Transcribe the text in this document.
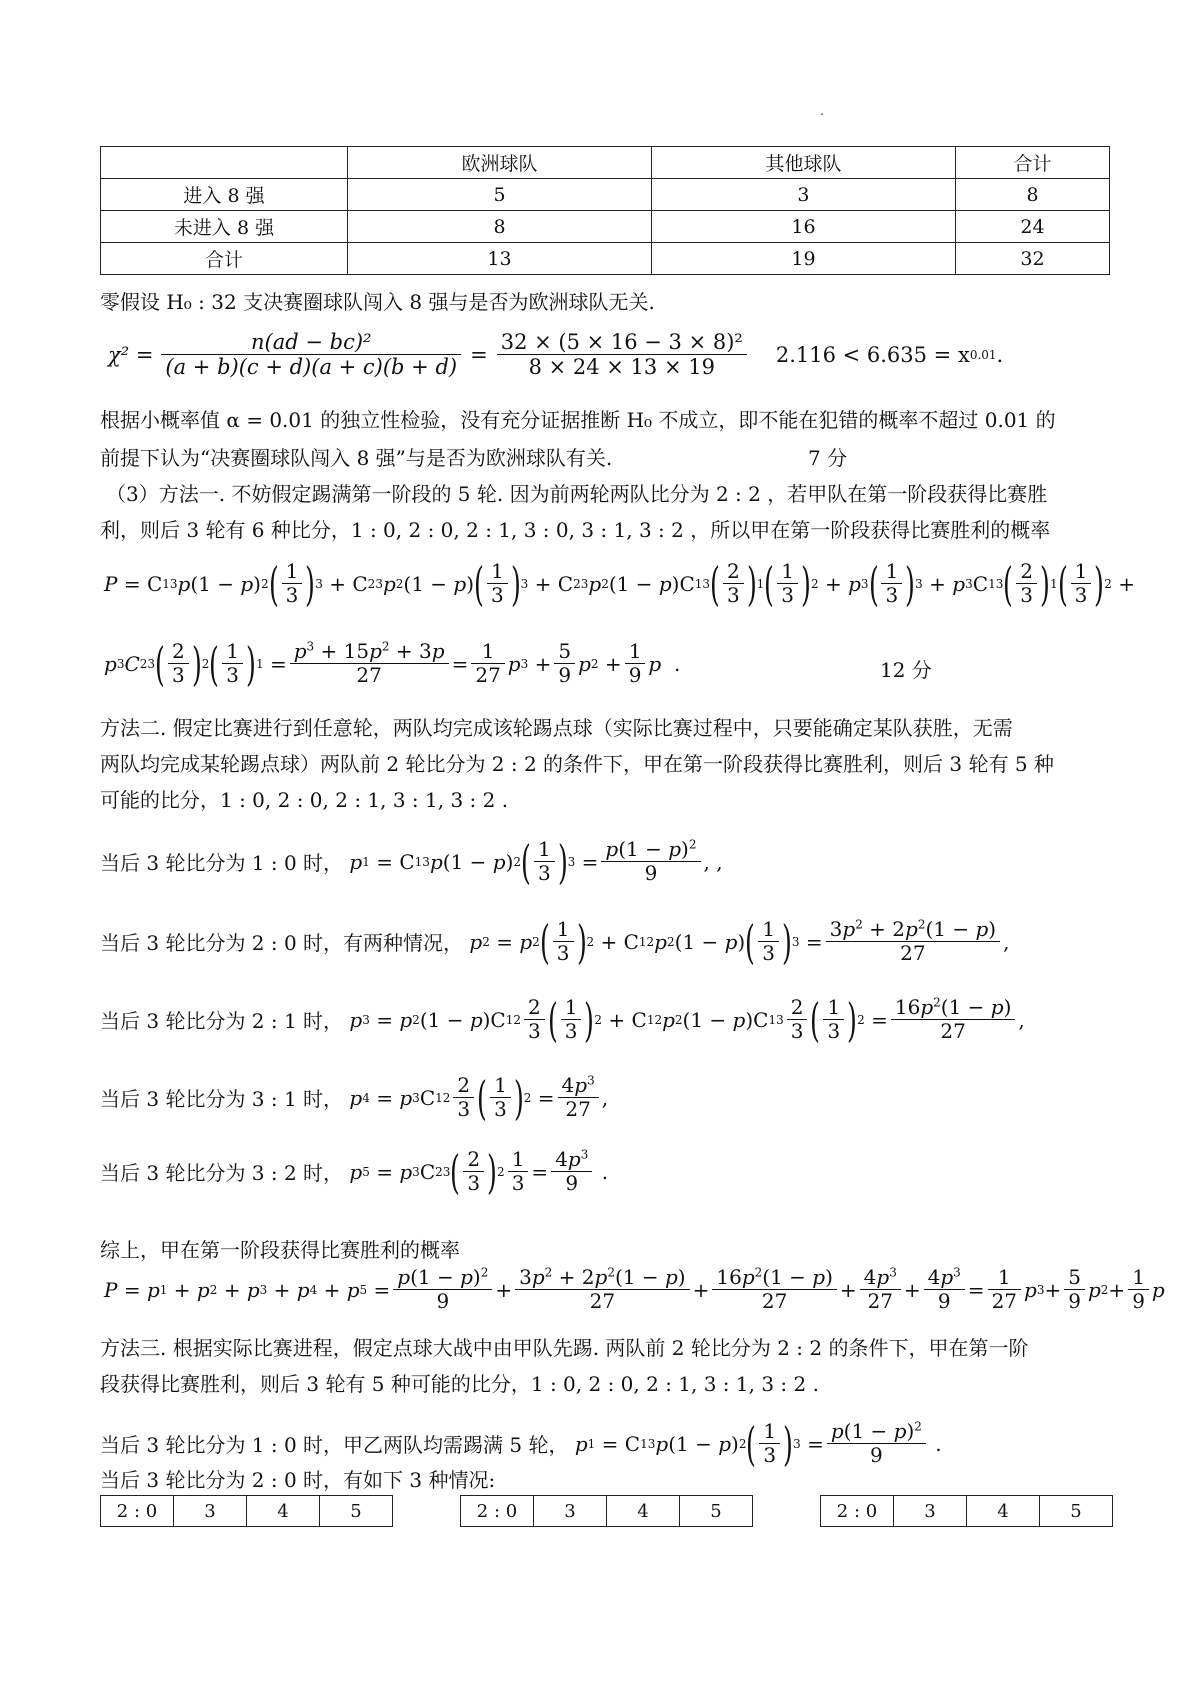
.
	欧洲球队	其他球队	合计
进入 8 强	5	3	8
未进入 8 强	8	16	24
合计	13	19	32
零假设 H₀ : 32 支决赛圈球队闯入 8 强与是否为欧洲球队无关.
$\chi^2 = \frac{\text{n(ad − bc)²}}{(a + b)(c + d)(a + c)(b + d)} = \frac{\text{32 × (5 × 16 − 3 × 8)²}}{8 \times 24 \times 13 \times 19} 2.116 < 6.635 = x$ 0.01 .
根据小概率值 α = 0.01 的独立性检验，没有充分证据推断 H₀ 不成立，即不能在犯错的概率不超过 0.01 的
前提下认为“决赛圈球队闯入 8 强”与是否为欧洲球队有关.	7 分
（3）方法一. 不妨假定踢满第一阶段的 5 轮. 因为前两轮两队比分为 2 : 2 ，若甲队在第一阶段获得比赛胜
利，则后 3 轮有 6 种比分，1 : 0, 2 : 0, 2 : 1, 3 : 0, 3 : 1, 3 : 2 ，所以甲在第一阶段获得比赛胜利的概率
P = C 1 3 p (1 − p ) 2 ( $\frac{1}{3}$ ) 3 + C 2 3 p 2 (1 − p ) ( $\frac{1}{3}$ ) 3 + C 2 3 p 2 (1 − p )C 1 3 ( $\frac{2}{3}$ ) 1 ( $\frac{1}{3}$ ) 2 + p 3 ( $\frac{1}{3}$ ) 3 + p 3 C 1 3 ( $\frac{2}{3}$ ) 1 ( $\frac{1}{3}$ ) 2 +
p 3 C 2 3 ( $\frac{2}{3}$ ) 2 ( $\frac{1}{3}$ ) $1 = \frac{p^3 + 15p^2 + 3p}{27} = \frac{1}{27}$ p $3 + \frac{5}{9}$ p $2 + \frac{1}{9}$ p .	12 分
方法二. 假定比赛进行到任意轮，两队均完成该轮踢点球（实际比赛过程中，只要能确定某队获胜，无需
两队均完成某轮踢点球）两队前 2 轮比分为 2 : 2 的条件下，甲在第一阶段获得比赛胜利，则后 3 轮有 5 种
可能的比分，1 : 0, 2 : 0, 2 : 1, 3 : 1, 3 : 2 .
当后 3 轮比分为 1 : 0 时， p 1 = C 1 3 p (1 − p ) 2 ( $\frac{1}{3}$ ) $3 = \frac{p(1 - p)^2}{9}$ , ,
当后 3 轮比分为 2 : 0 时，有两种情况， p 2 = p 2 ( $\frac{1}{3}$ ) 2 + C 1 2 p 2 (1 − p ) ( $\frac{1}{3}$ ) $3 = \frac{3p^2 + 2p^2(1 - p)}{27}$ ,
当后 3 轮比分为 2 : 1 时， p 3 = p 2 (1 − p )C 1 $2 \frac{2}{3}$ ( $\frac{1}{3}$ ) 2 + C 1 2 p 2 (1 − p )C 1 $3 \frac{2}{3}$ ( $\frac{1}{3}$ ) $2 = \frac{16p^2(1 - p)}{27}$ ,
当后 3 轮比分为 3 : 1 时， p 4 = p 3 C 1 $2 \frac{2}{3}$ ( $\frac{1}{3}$ ) $2 = \frac{4p^3}{27}$ ,
当后 3 轮比分为 3 : 2 时， p 5 = p 3 C 2 3 ( $\frac{2}{3}$ ) $2 \frac{1}{3} = \frac{4p^3}{9}$ .
综上，甲在第一阶段获得比赛胜利的概率
P = p 1 + p 2 + p 3 + p 4 + p $5 = \frac{p(1 - p)^2}{9} + \frac{3p^2 + 2p^2(1 - p)}{27} + \frac{16p^2(1 - p)}{27} + \frac{4p^3}{27} + \frac{4p^3}{9} = \frac{1}{27}$ p $3 + \frac{5}{9}$ p $2 + \frac{1}{9}$ p
方法三. 根据实际比赛进程，假定点球大战中由甲队先踢. 两队前 2 轮比分为 2 : 2 的条件下，甲在第一阶
段获得比赛胜利，则后 3 轮有 5 种可能的比分，1 : 0, 2 : 0, 2 : 1, 3 : 1, 3 : 2 .
当后 3 轮比分为 1 : 0 时，甲乙两队均需踢满 5 轮， p 1 = C 1 3 p (1 − p ) 2 ( $\frac{1}{3}$ ) $3 = \frac{p(1 - p)^2}{9}$ .
当后 3 轮比分为 2 : 0 时，有如下 3 种情况:
2 : 0	3	4	5	2 : 0	3	4	5	2 : 0	3	4	5
